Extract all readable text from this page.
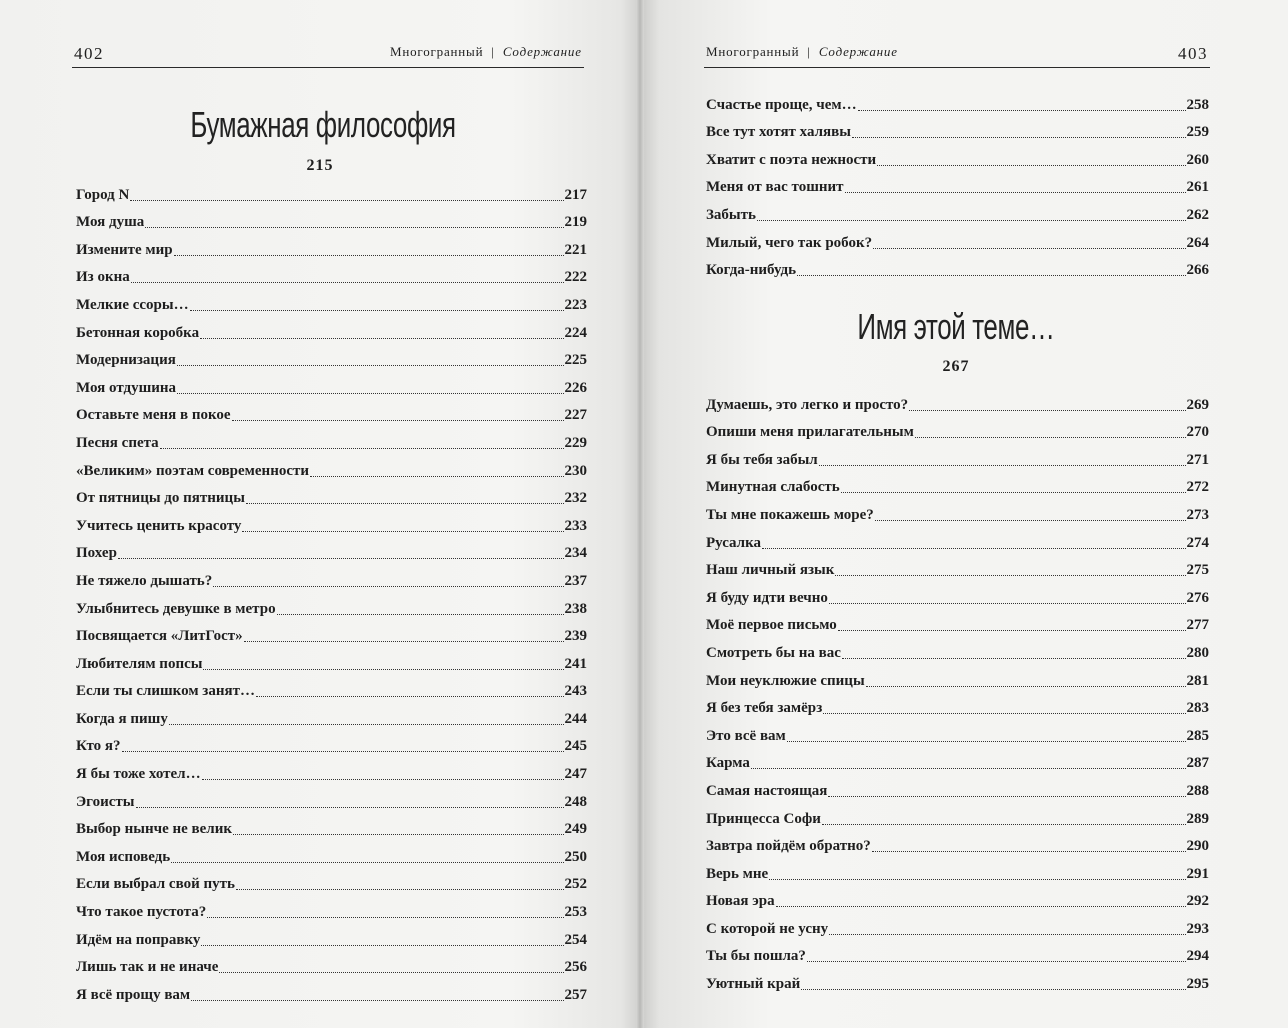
402	Многогранный | Содержание
Бумажная философия
215
Город N	217
Моя душа	219
Измените мир	221
Из окна	222
Мелкие ссоры…	223
Бетонная коробка	224
Модернизация	225
Моя отдушина	226
Оставьте меня в покое	227
Песня спета	229
«Великим» поэтам современности	230
От пятницы до пятницы	232
Учитесь ценить красоту	233
Похер	234
Не тяжело дышать?	237
Улыбнитесь девушке в метро	238
Посвящается «ЛитГост»	239
Любителям попсы	241
Если ты слишком занят…	243
Когда я пишу	244
Кто я?	245
Я бы тоже хотел…	247
Эгоисты	248
Выбор нынче не велик	249
Моя исповедь	250
Если выбрал свой путь	252
Что такое пустота?	253
Идём на поправку	254
Лишь так и не иначе	256
Я всё прощу вам	257
Многогранный | Содержание	403
Счастье проще, чем…	258
Все тут хотят халявы	259
Хватит с поэта нежности	260
Меня от вас тошнит	261
Забыть	262
Милый, чего так робок?	264
Когда-нибудь	266
Имя этой теме…
267
Думаешь, это легко и просто?	269
Опиши меня прилагательным	270
Я бы тебя забыл	271
Минутная слабость	272
Ты мне покажешь море?	273
Русалка	274
Наш личный язык	275
Я буду идти вечно	276
Моё первое письмо	277
Смотреть бы на вас	280
Мои неуклюжие спицы	281
Я без тебя замёрз	283
Это всё вам	285
Карма	287
Самая настоящая	288
Принцесса Софи	289
Завтра пойдём обратно?	290
Верь мне	291
Новая эра	292
С которой не усну	293
Ты бы пошла?	294
Уютный край	295
